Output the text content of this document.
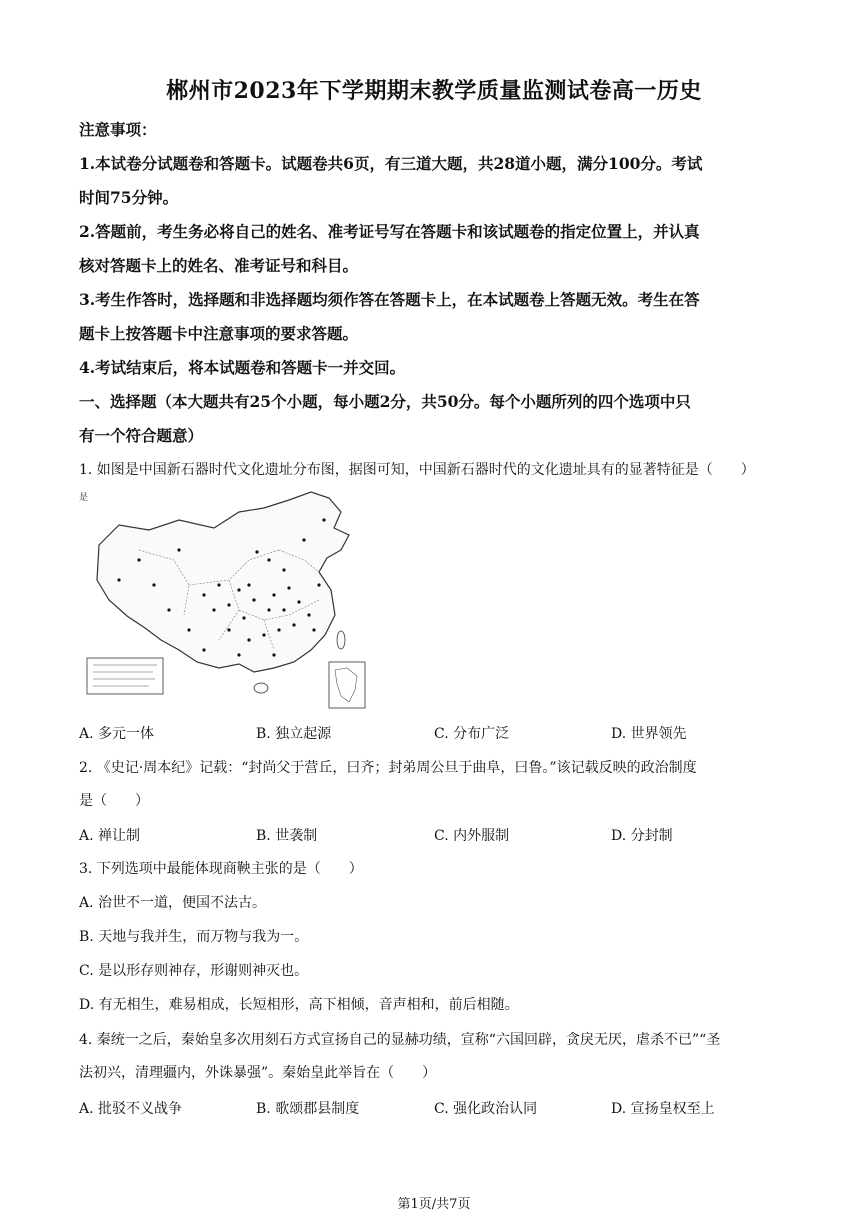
郴州市2023年下学期期末教学质量监测试卷高一历史

注意事项：

1.本试卷分试题卷和答题卡。试题卷共6页，有三道大题，共28道小题，满分100分。考试

时间75分钟。

2.答题前，考生务必将自己的姓名、准考证号写在答题卡和该试题卷的指定位置上，并认真

核对答题卡上的姓名、准考证号和科目。

3.考生作答时，选择题和非选择题均须作答在答题卡上，在本试题卷上答题无效。考生在答

题卡上按答题卡中注意事项的要求答题。

4.考试结束后，将本试题卷和答题卡一并交回。

一、选择题（本大题共有25个小题，每小题2分，共50分。每个小题所列的四个选项中只

有一个符合题意）

1. 如图是中国新石器时代文化遗址分布图，据图可知，中国新石器时代的文化遗址具有的显著特征是（　　）
是
A. 多元一体	B. 独立起源	C. 分布广泛	D. 世界领先
2. 《史记·周本纪》记载：“封尚父于营丘，曰齐；封弟周公旦于曲阜，曰鲁。”该记载反映的政治制度
是（　　）
A. 禅让制	B. 世袭制	C. 内外服制	D. 分封制
3. 下列选项中最能体现商鞅主张的是（　　）
A. 治世不一道，便国不法古。
B. 天地与我并生，而万物与我为一。
C. 是以形存则神存，形谢则神灭也。
D. 有无相生，难易相成，长短相形，高下相倾，音声相和，前后相随。
4. 秦统一之后，秦始皇多次用刻石方式宣扬自己的显赫功绩，宣称“六国回辟，贪戾无厌，虐杀不已”“圣
法初兴，清理疆内，外诛暴强”。秦始皇此举旨在（　　）
A. 批驳不义战争	B. 歌颂郡县制度	C. 强化政治认同	D. 宣扬皇权至上
第1页/共7页
